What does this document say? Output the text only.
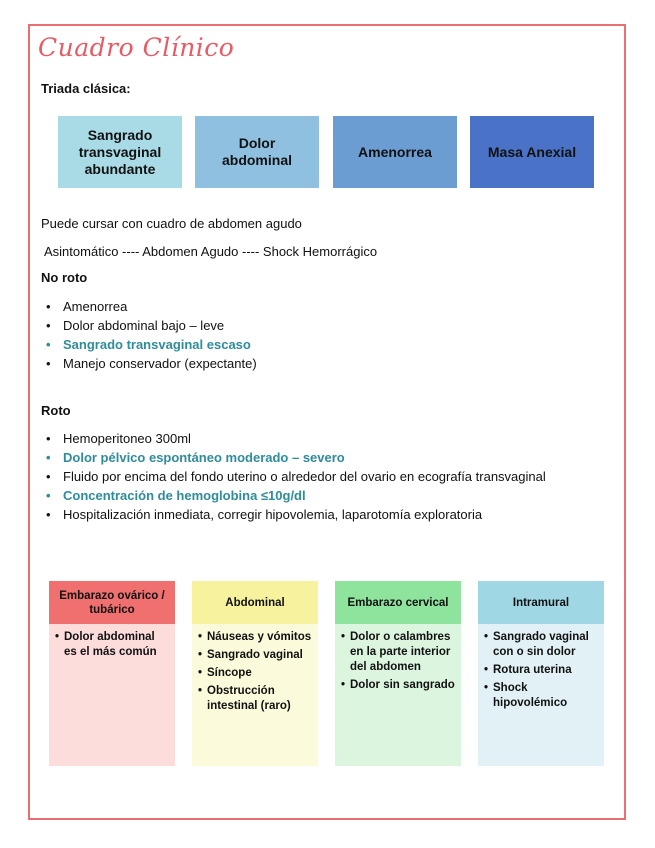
Cuadro Clínico
Triada clásica:
Sangrado transvaginal abundante
Dolor abdominal
Amenorrea	Masa Anexial
Puede cursar con cuadro de abdomen agudo
Asintomático ---- Abdomen Agudo ---- Shock Hemorrágico
No roto
• Amenorrea
• Dolor abdominal bajo – leve
• Sangrado transvaginal escaso
• Manejo conservador (expectante)
Roto
• Hemoperitoneo 300ml
• Dolor pélvico espontáneo moderado – severo
• Fluido por encima del fondo uterino o alrededor del ovario en ecografía transvaginal
• Concentración de hemoglobina ≤10g/dl
• Hospitalización inmediata, corregir hipovolemia, laparotomía exploratoria
Embarazo ovárico / tubárico
• Dolor abdominal es el más común
Abdominal
• Náuseas y vómitos
• Sangrado vaginal
• Síncope
• Obstrucción intestinal (raro)
Embarazo cervical
• Dolor o calambres en la parte interior del abdomen
• Dolor sin sangrado
Intramural
• Sangrado vaginal con o sin dolor
• Rotura uterina
• Shock hipovolémico
